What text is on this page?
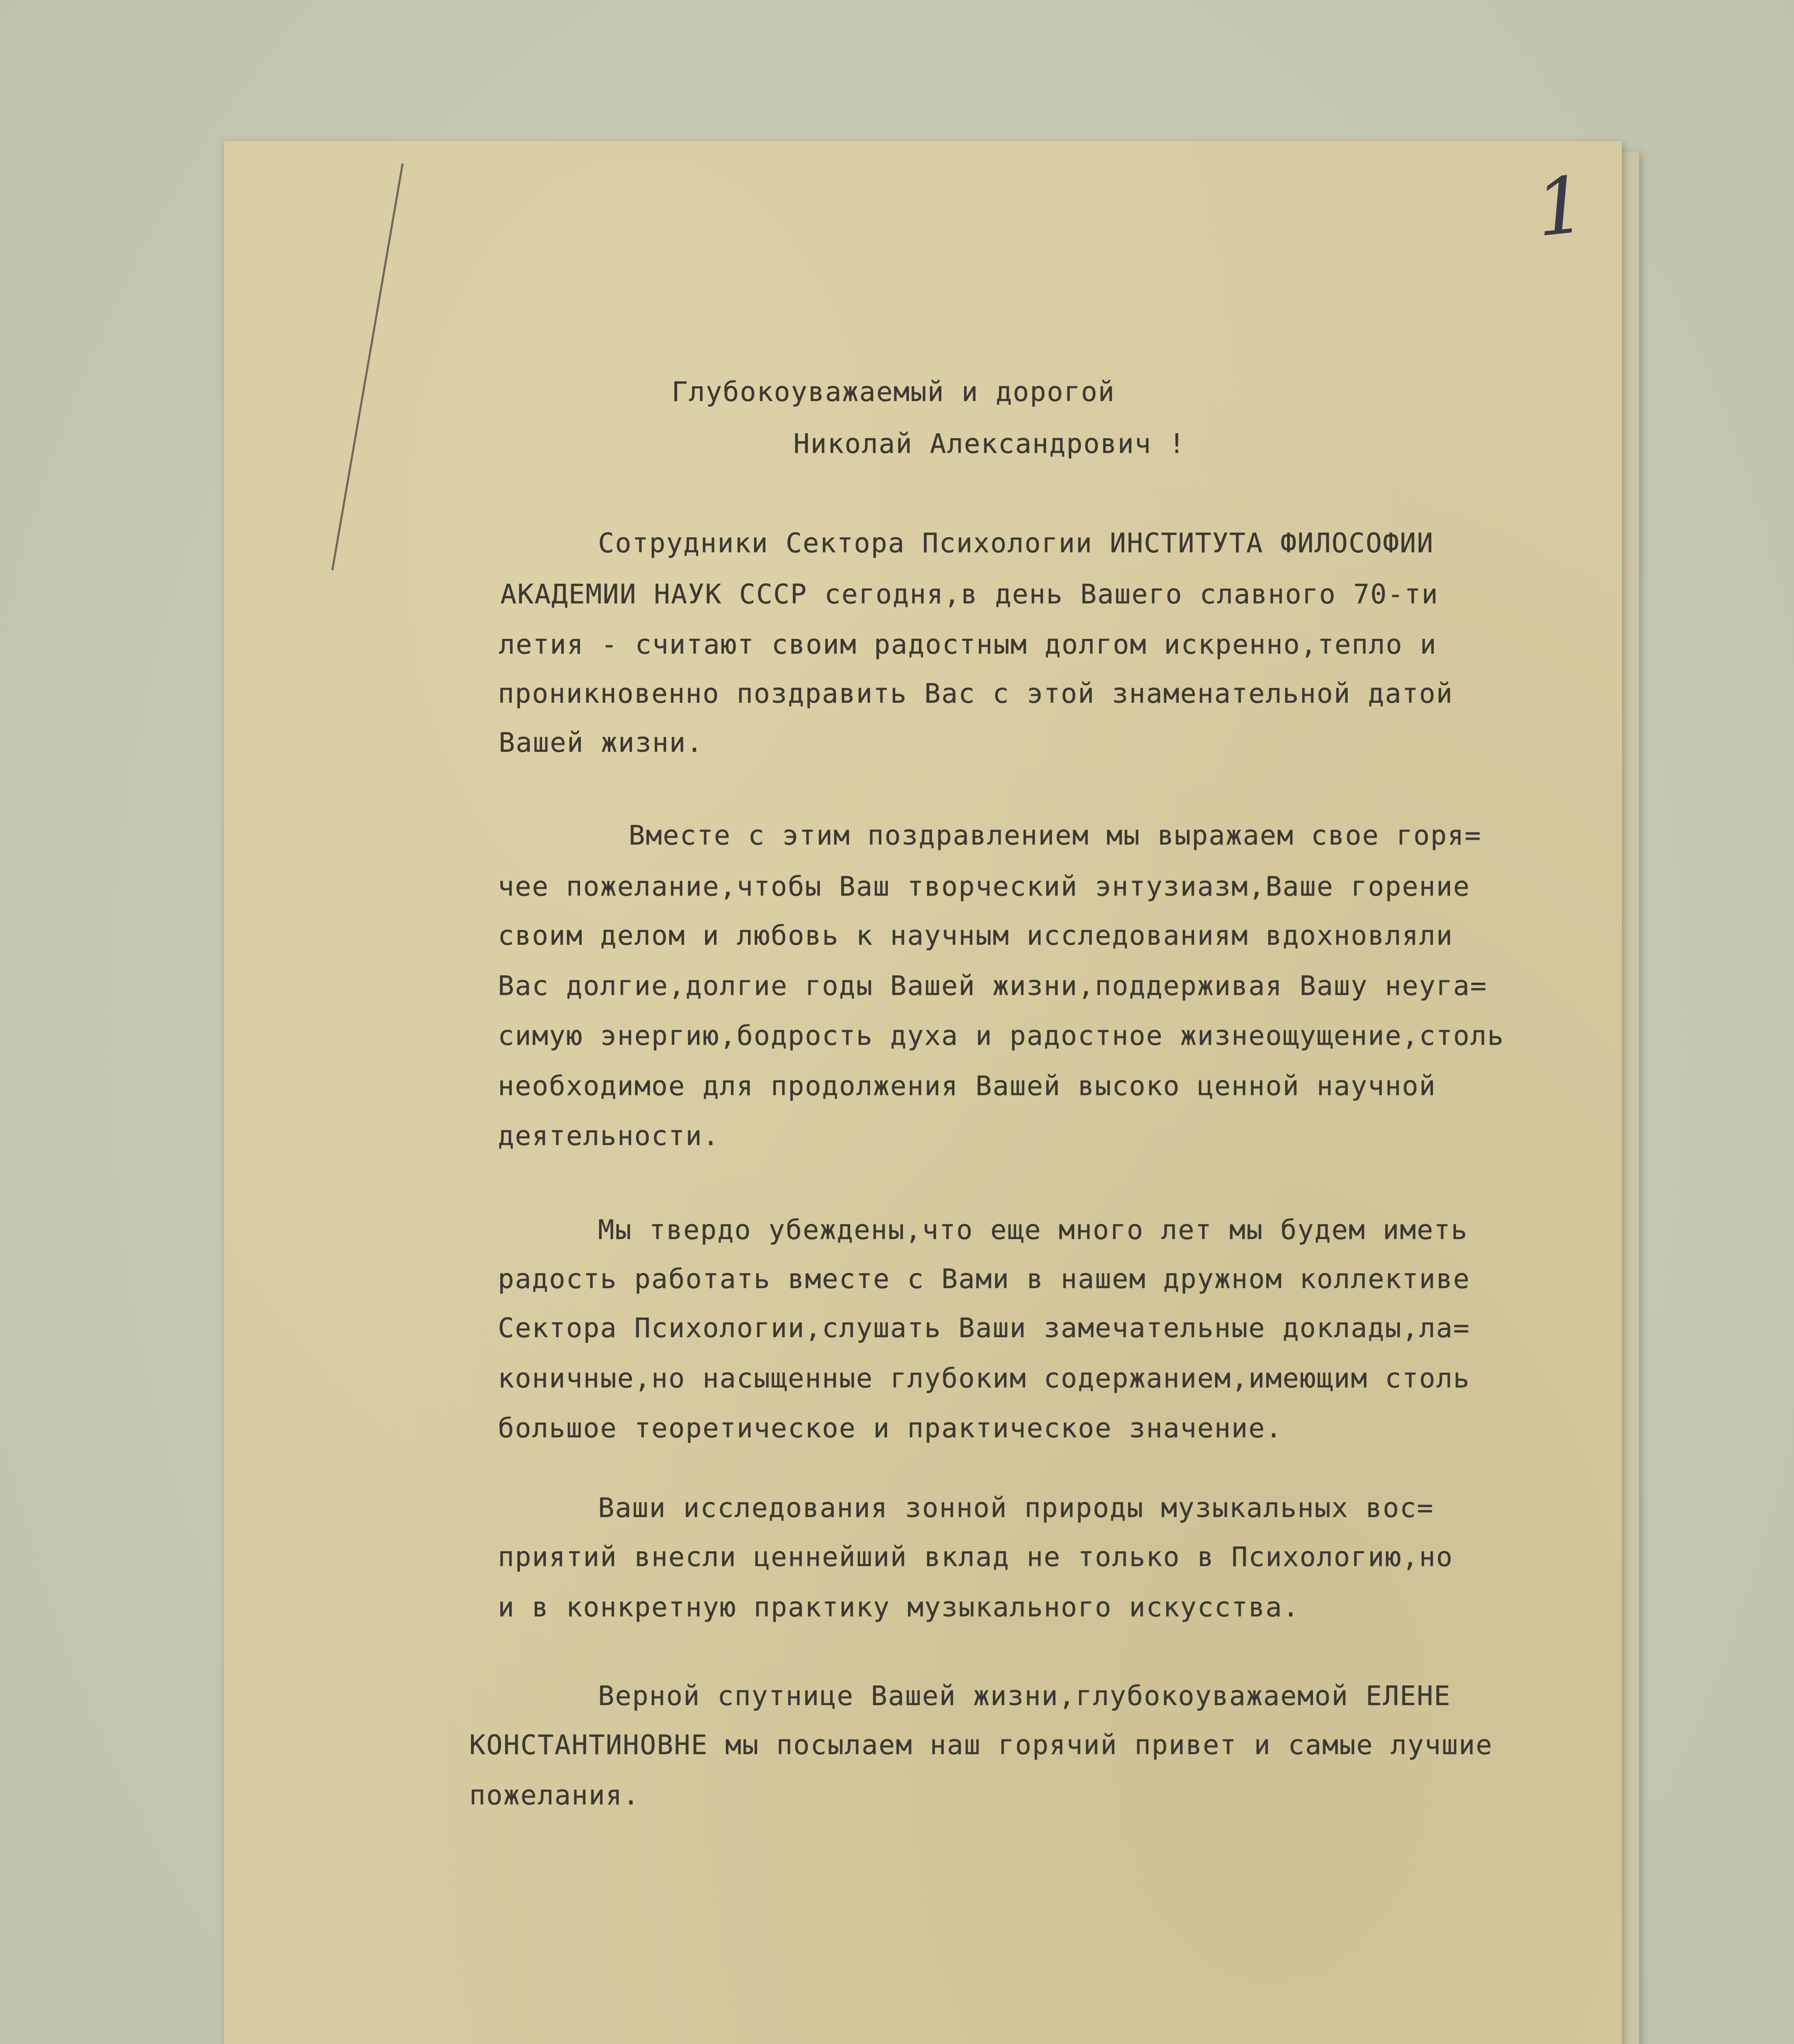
1
Глубокоуважаемый и дорогой
Николай Александрович !
Сотрудники Сектора Психологии ИНСТИТУТА ФИЛОСОФИИ
АКАДЕМИИ НАУК СССР сегодня,в день Вашего славного 70-ти
летия - считают своим радостным долгом искренно,тепло и
проникновенно поздравить Вас с этой знаменательной датой
Вашей жизни.
Вместе с этим поздравлением мы выражаем свое горя=
чее пожелание,чтобы Ваш творческий энтузиазм,Ваше горение
своим делом и любовь к научным исследованиям вдохновляли
Вас долгие,долгие годы Вашей жизни,поддерживая Вашу неуга=
симую энергию,бодрость духа и радостное жизнеощущение,столь
необходимое для продолжения Вашей высоко ценной научной
деятельности.
Мы твердо убеждены,что еще много лет мы будем иметь
радость работать вместе с Вами в нашем дружном коллективе
Сектора Психологии,слушать Ваши замечательные доклады,ла=
коничные,но насыщенные глубоким содержанием,имеющим столь
большое теоретическое и практическое значение.
Ваши исследования зонной природы музыкальных вос=
приятий внесли ценнейший вклад не только в Психологию,но
и в конкретную практику музыкального искусства.
Верной спутнице Вашей жизни,глубокоуважаемой ЕЛЕНЕ
КОНСТАНТИНОВНЕ мы посылаем наш горячий привет и самые лучшие
пожелания.
